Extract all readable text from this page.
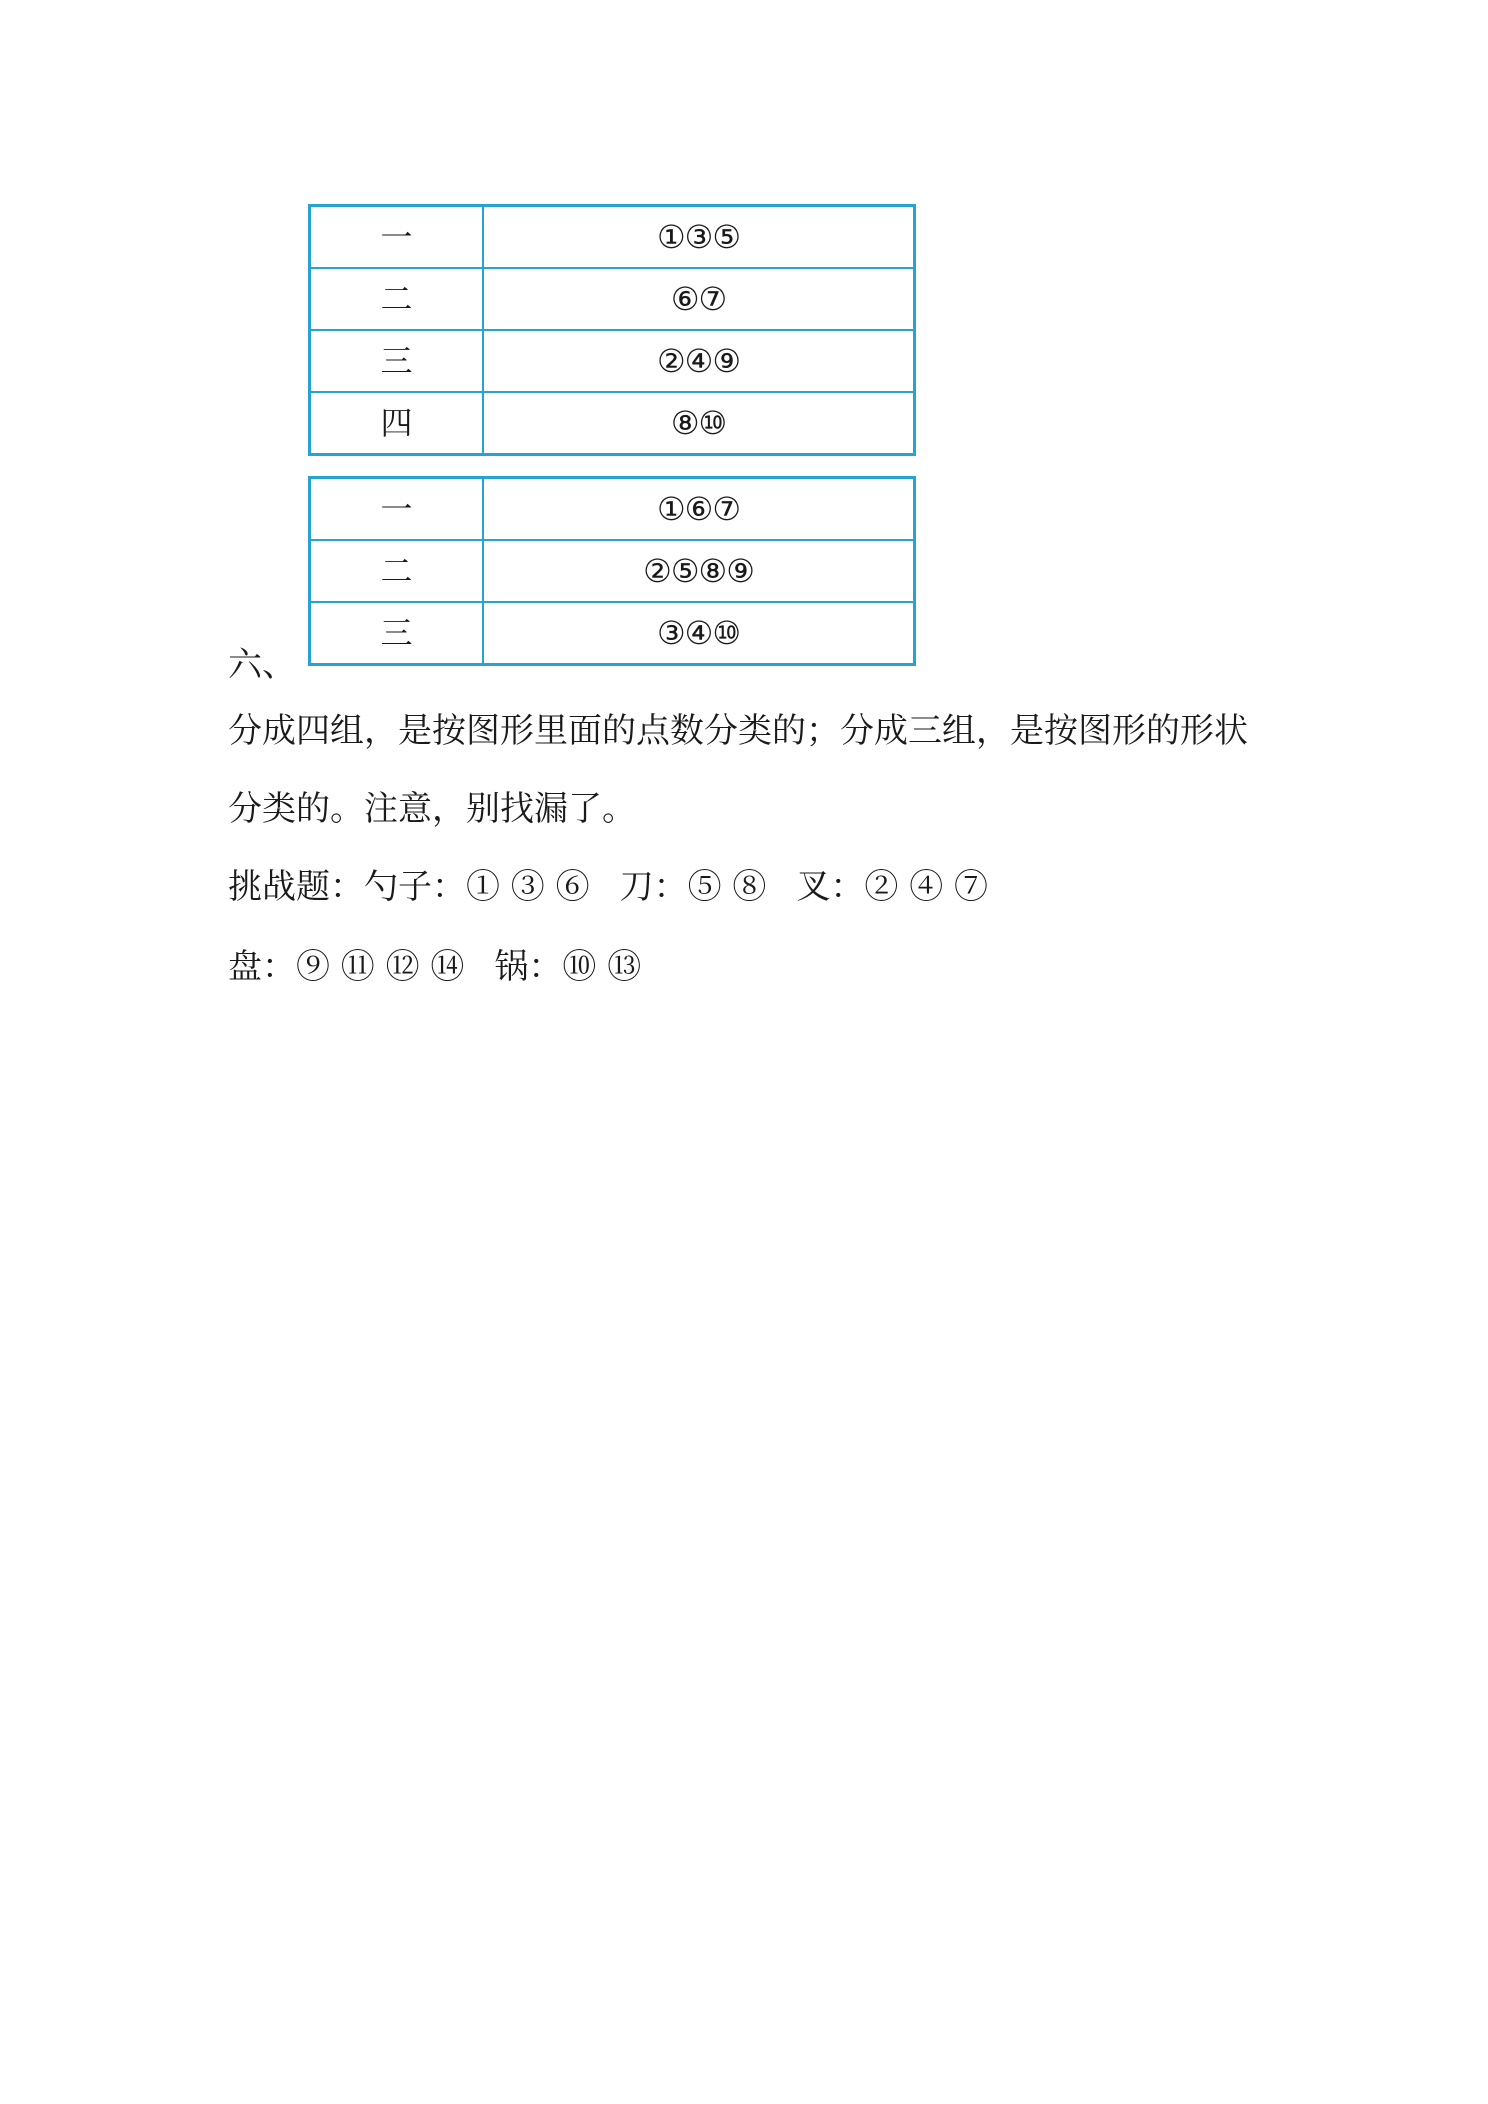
一	①③⑤
二	⑥⑦
三	②④⑨
四	⑧⑩
一	①⑥⑦
二	②⑤⑧⑨
三	③④⑩
六、
分成四组，是按图形里面的点数分类的；分成三组，是按图形的形状
分类的。注意，别找漏了。
挑战题：勺子：① ③ ⑥ 刀：⑤ ⑧ 叉：② ④ ⑦
盘：⑨ ⑪ ⑫ ⑭ 锅：⑩ ⑬
